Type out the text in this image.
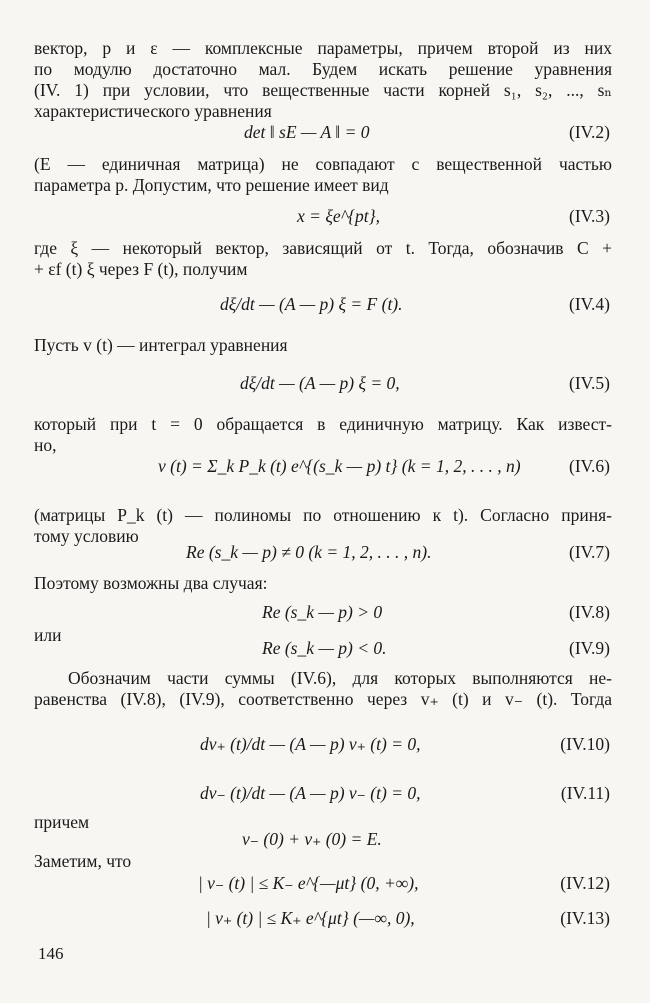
вектор, p и ε — комплексные параметры, причем второй из них
по модулю достаточно мал. Будем искать решение уравнения
(IV. 1) при условии, что вещественные части корней s₁, s₂, ..., sₙ
характеристического уравнения
det ‖ sE — A ‖ = 0	(IV.2)
(E — единичная матрица) не совпадают с вещественной частью
параметра p. Допустим, что решение имеет вид
x = ξe^{pt},	(IV.3)
где ξ — некоторый вектор, зависящий от t. Тогда, обозначив C +
+ εf (t) ξ через F (t), получим
dξ/dt — (A — p) ξ = F (t).	(IV.4)
Пусть v (t) — интеграл уравнения
dξ/dt — (A — p) ξ = 0,	(IV.5)
который при t = 0 обращается в единичную матрицу. Как извест-
но,
v (t) = Σ_k P_k (t) e^{(s_k — p) t} (k = 1, 2, . . . , n)	(IV.6)
(матрицы P_k (t) — полиномы по отношению к t). Согласно приня-
тому условию
Re (s_k — p) ≠ 0 (k = 1, 2, . . . , n).	(IV.7)
Поэтому возможны два случая:
Re (s_k — p) > 0	(IV.8)
или
Re (s_k — p) < 0.	(IV.9)
Обозначим части суммы (IV.6), для которых выполняются не-
равенства (IV.8), (IV.9), соответственно через v₊ (t) и v₋ (t). Тогда
dv₊ (t)/dt — (A — p) v₊ (t) = 0,	(IV.10)
dv₋ (t)/dt — (A — p) v₋ (t) = 0,	(IV.11)
причем
v₋ (0) + v₊ (0) = E.
Заметим, что
| v₋ (t) | ≤ K₋ e^{—μt} (0, +∞),	(IV.12)
| v₊ (t) | ≤ K₊ e^{μt} (—∞, 0),	(IV.13)
146
